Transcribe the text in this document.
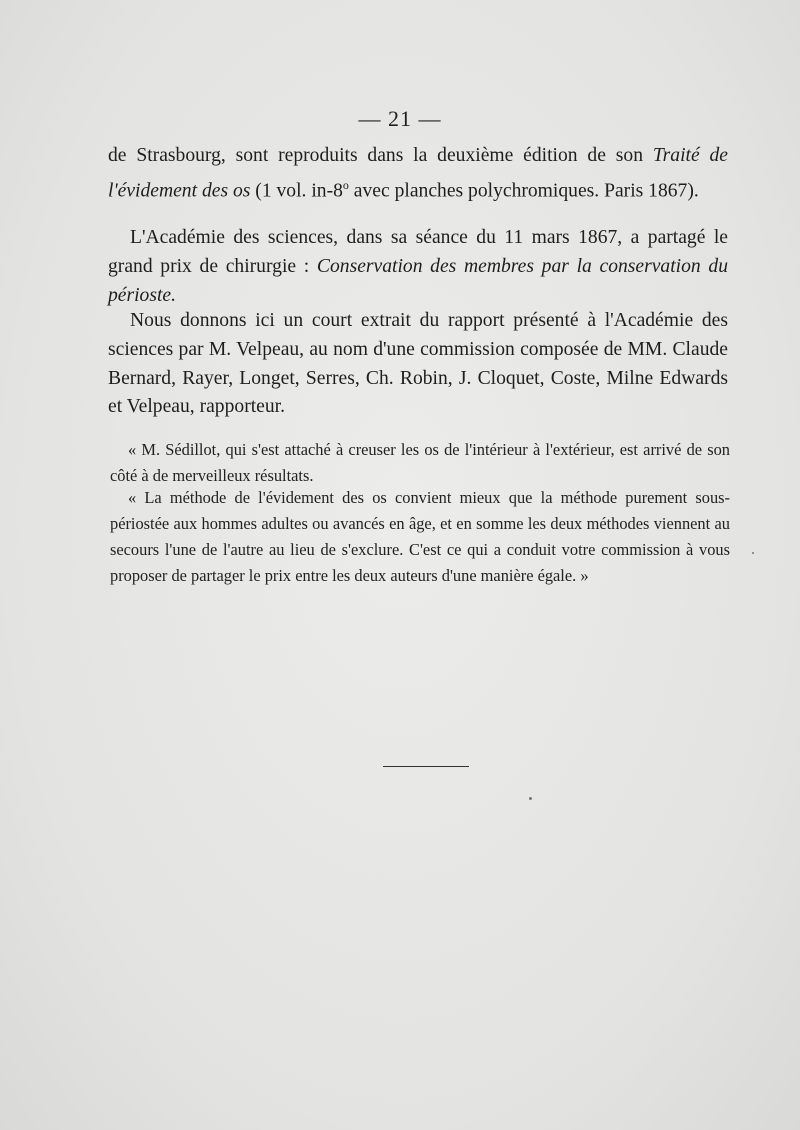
— 21 —

de Strasbourg, sont reproduits dans la deuxième édition de son Traité de l'évidement des os (1 vol. in-8$^o$ avec planches polychromiques. Paris 1867).

L'Académie des sciences, dans sa séance du 11 mars 1867, a partagé le grand prix de chirurgie : Conservation des membres par la conservation du périoste.

Nous donnons ici un court extrait du rapport présenté à l'Académie des sciences par M. Velpeau, au nom d'une commission composée de MM. Claude Bernard, Rayer, Longet, Serres, Ch. Robin, J. Cloquet, Coste, Milne Edwards et Velpeau, rapporteur.

« M. Sédillot, qui s'est attaché à creuser les os de l'intérieur à l'extérieur, est arrivé de son côté à de merveilleux résultats.

« La méthode de l'évidement des os convient mieux que la méthode purement sous-périostée aux hommes adultes ou avancés en âge, et en somme les deux méthodes viennent au secours l'une de l'autre au lieu de s'exclure. C'est ce qui a conduit votre commission à vous proposer de partager le prix entre les deux auteurs d'une manière égale. »
